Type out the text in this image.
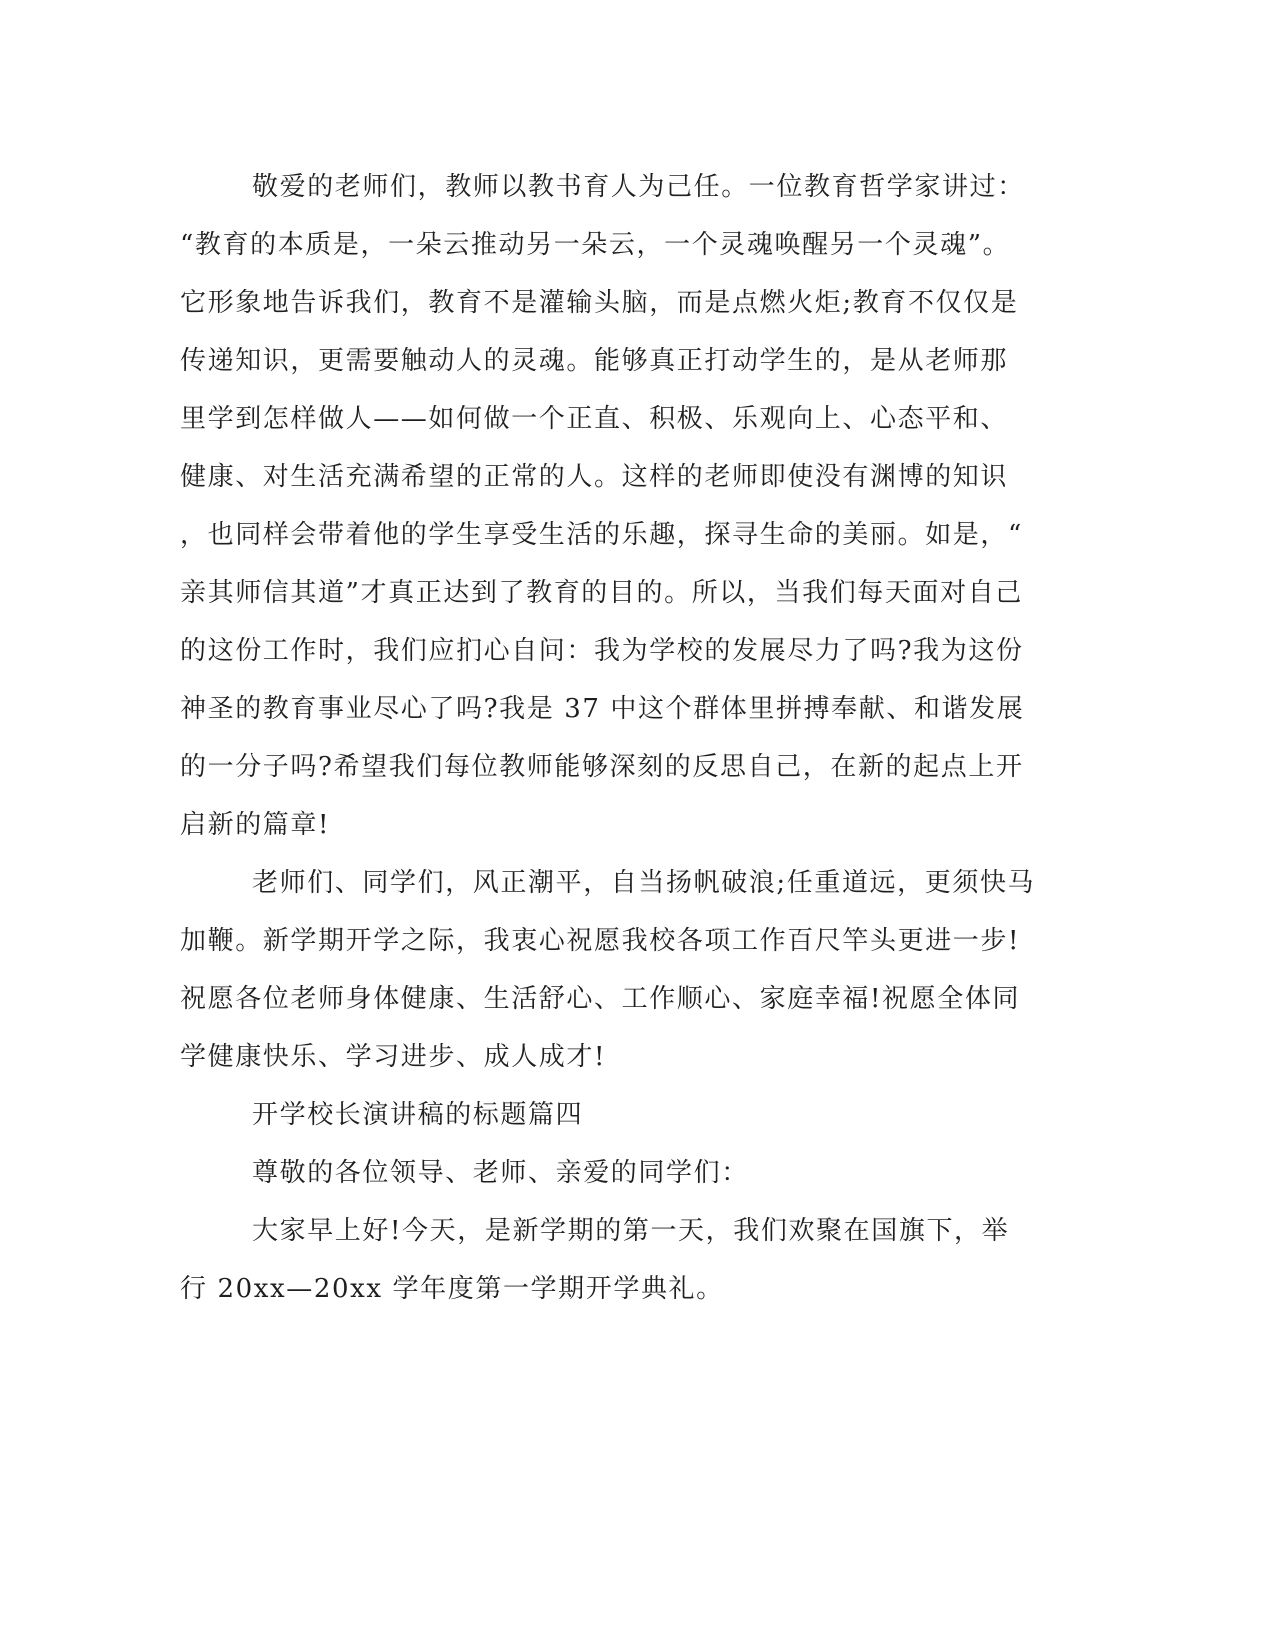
敬爱的老师们，教师以教书育人为己任。一位教育哲学家讲过：
“教育的本质是，一朵云推动另一朵云，一个灵魂唤醒另一个灵魂”。
它形象地告诉我们，教育不是灌输头脑，而是点燃火炬;教育不仅仅是
传递知识，更需要触动人的灵魂。能够真正打动学生的，是从老师那
里学到怎样做人——如何做一个正直、积极、乐观向上、心态平和、
健康、对生活充满希望的正常的人。这样的老师即使没有渊博的知识
，也同样会带着他的学生享受生活的乐趣，探寻生命的美丽。如是，“
亲其师信其道”才真正达到了教育的目的。所以，当我们每天面对自己
的这份工作时，我们应扪心自问：我为学校的发展尽力了吗?我为这份
神圣的教育事业尽心了吗?我是 37 中这个群体里拼搏奉献、和谐发展
的一分子吗?希望我们每位教师能够深刻的反思自己，在新的起点上开
启新的篇章!
老师们、同学们，风正潮平，自当扬帆破浪;任重道远，更须快马
加鞭。新学期开学之际，我衷心祝愿我校各项工作百尺竿头更进一步!
祝愿各位老师身体健康、生活舒心、工作顺心、家庭幸福!祝愿全体同
学健康快乐、学习进步、成人成才!
开学校长演讲稿的标题篇四
尊敬的各位领导、老师、亲爱的同学们：
大家早上好!今天，是新学期的第一天，我们欢聚在国旗下，举
行 20xx—20xx 学年度第一学期开学典礼。
